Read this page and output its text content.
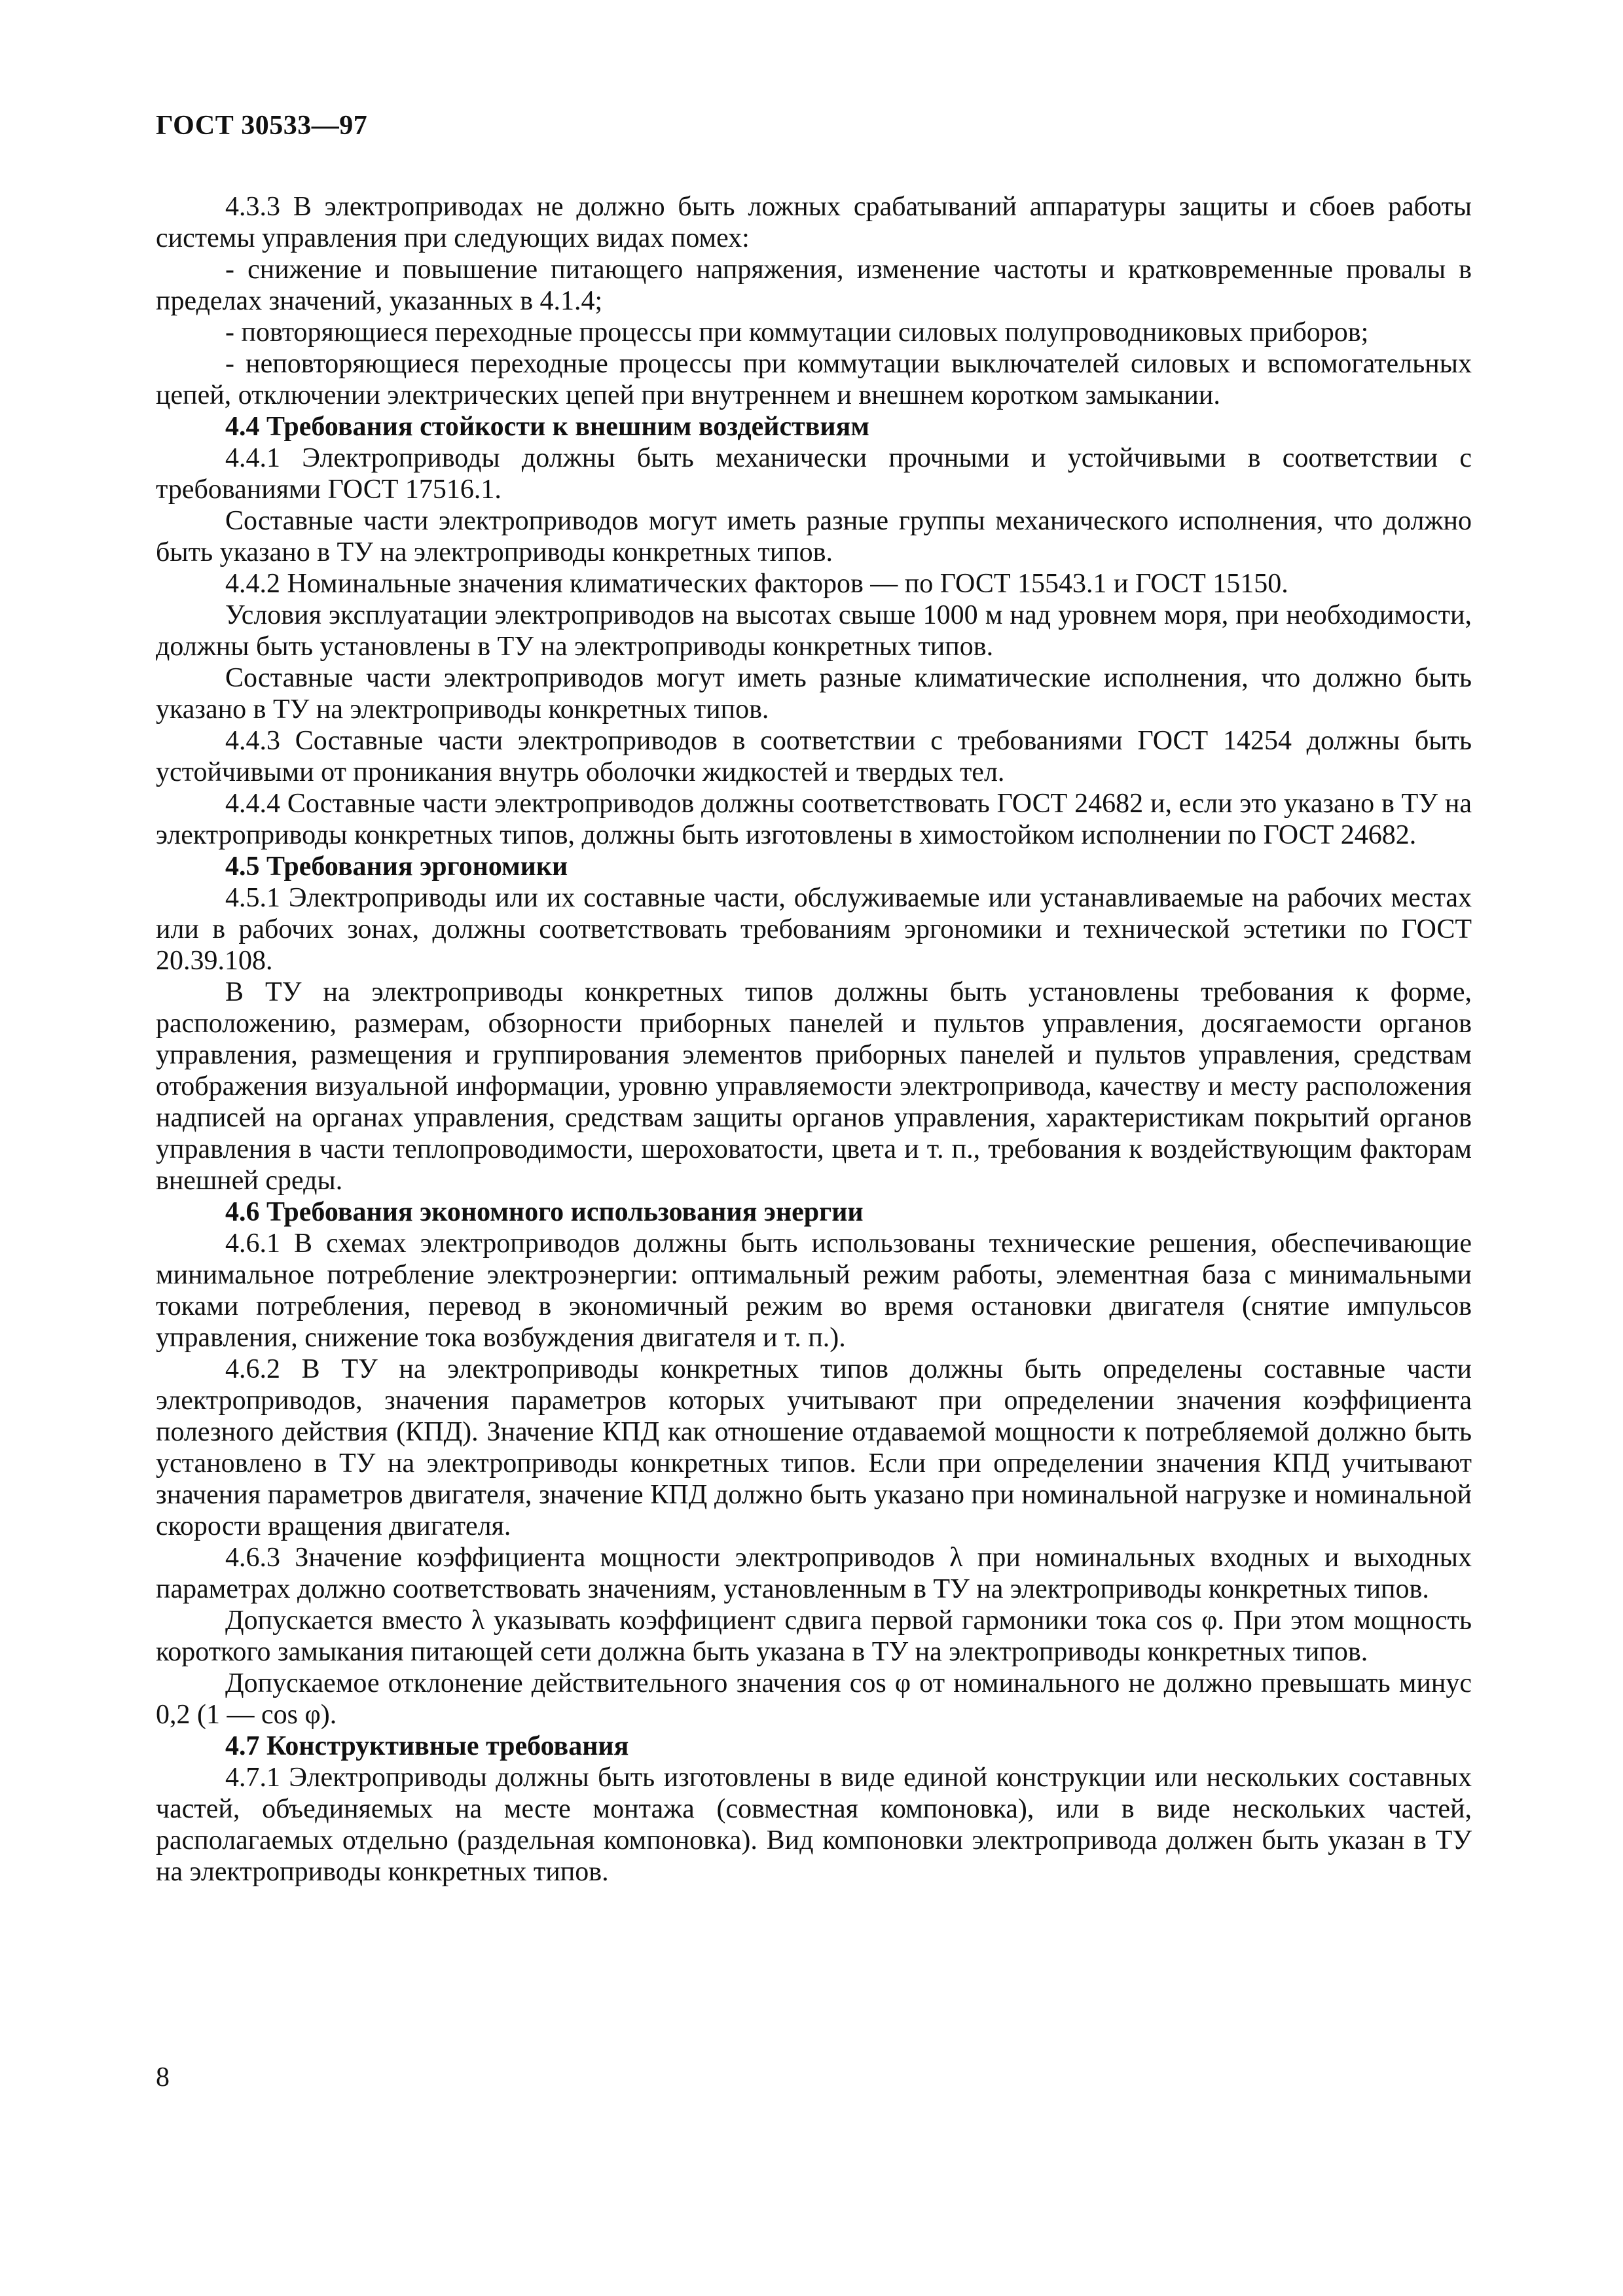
ГОСТ 30533—97

4.3.3 В электроприводах не должно быть ложных срабатываний аппаратуры защиты и сбоев работы системы управления при следующих видах помех:

- снижение и повышение питающего напряжения, изменение частоты и кратковременные провалы в пределах значений, указанных в 4.1.4;

- повторяющиеся переходные процессы при коммутации силовых полупроводниковых приборов;

- неповторяющиеся переходные процессы при коммутации выключателей силовых и вспомогательных цепей, отключении электрических цепей при внутреннем и внешнем коротком замыкании.

4.4 Требования стойкости к внешним воздействиям

4.4.1 Электроприводы должны быть механически прочными и устойчивыми в соответствии с требованиями ГОСТ 17516.1.

Составные части электроприводов могут иметь разные группы механического исполнения, что должно быть указано в ТУ на электроприводы конкретных типов.

4.4.2 Номинальные значения климатических факторов — по ГОСТ 15543.1 и ГОСТ 15150.

Условия эксплуатации электроприводов на высотах свыше 1000 м над уровнем моря, при необходимости, должны быть установлены в ТУ на электроприводы конкретных типов.

Составные части электроприводов могут иметь разные климатические исполнения, что должно быть указано в ТУ на электроприводы конкретных типов.

4.4.3 Составные части электроприводов в соответствии с требованиями ГОСТ 14254 должны быть устойчивыми от проникания внутрь оболочки жидкостей и твердых тел.

4.4.4 Составные части электроприводов должны соответствовать ГОСТ 24682 и, если это указано в ТУ на электроприводы конкретных типов, должны быть изготовлены в химостойком исполнении по ГОСТ 24682.

4.5 Требования эргономики

4.5.1 Электроприводы или их составные части, обслуживаемые или устанавливаемые на рабочих местах или в рабочих зонах, должны соответствовать требованиям эргономики и технической эстетики по ГОСТ 20.39.108.

В ТУ на электроприводы конкретных типов должны быть установлены требования к форме, расположению, размерам, обзорности приборных панелей и пультов управления, досягаемости органов управления, размещения и группирования элементов приборных панелей и пультов управления, средствам отображения визуальной информации, уровню управляемости электропривода, качеству и месту расположения надписей на органах управления, средствам защиты органов управления, характеристикам покрытий органов управления в части теплопроводимости, шероховатости, цвета и т. п., требования к воздействующим факторам внешней среды.

4.6 Требования экономного использования энергии

4.6.1 В схемах электроприводов должны быть использованы технические решения, обеспечивающие минимальное потребление электроэнергии: оптимальный режим работы, элементная база с минимальными токами потребления, перевод в экономичный режим во время остановки двигателя (снятие импульсов управления, снижение тока возбуждения двигателя и т. п.).

4.6.2 В ТУ на электроприводы конкретных типов должны быть определены составные части электроприводов, значения параметров которых учитывают при определении значения коэффициента полезного действия (КПД). Значение КПД как отношение отдаваемой мощности к потребляемой должно быть установлено в ТУ на электроприводы конкретных типов. Если при определении значения КПД учитывают значения параметров двигателя, значение КПД должно быть указано при номинальной нагрузке и номинальной скорости вращения двигателя.

4.6.3 Значение коэффициента мощности электроприводов λ при номинальных входных и выходных параметрах должно соответствовать значениям, установленным в ТУ на электроприводы конкретных типов.

Допускается вместо λ указывать коэффициент сдвига первой гармоники тока cos φ. При этом мощность короткого замыкания питающей сети должна быть указана в ТУ на электроприводы конкретных типов.

Допускаемое отклонение действительного значения cos φ от номинального не должно превышать минус 0,2 (1 — cos φ).

4.7 Конструктивные требования

4.7.1 Электроприводы должны быть изготовлены в виде единой конструкции или нескольких составных частей, объединяемых на месте монтажа (совместная компоновка), или в виде нескольких частей, располагаемых отдельно (раздельная компоновка). Вид компоновки электропривода должен быть указан в ТУ на электроприводы конкретных типов.

8
